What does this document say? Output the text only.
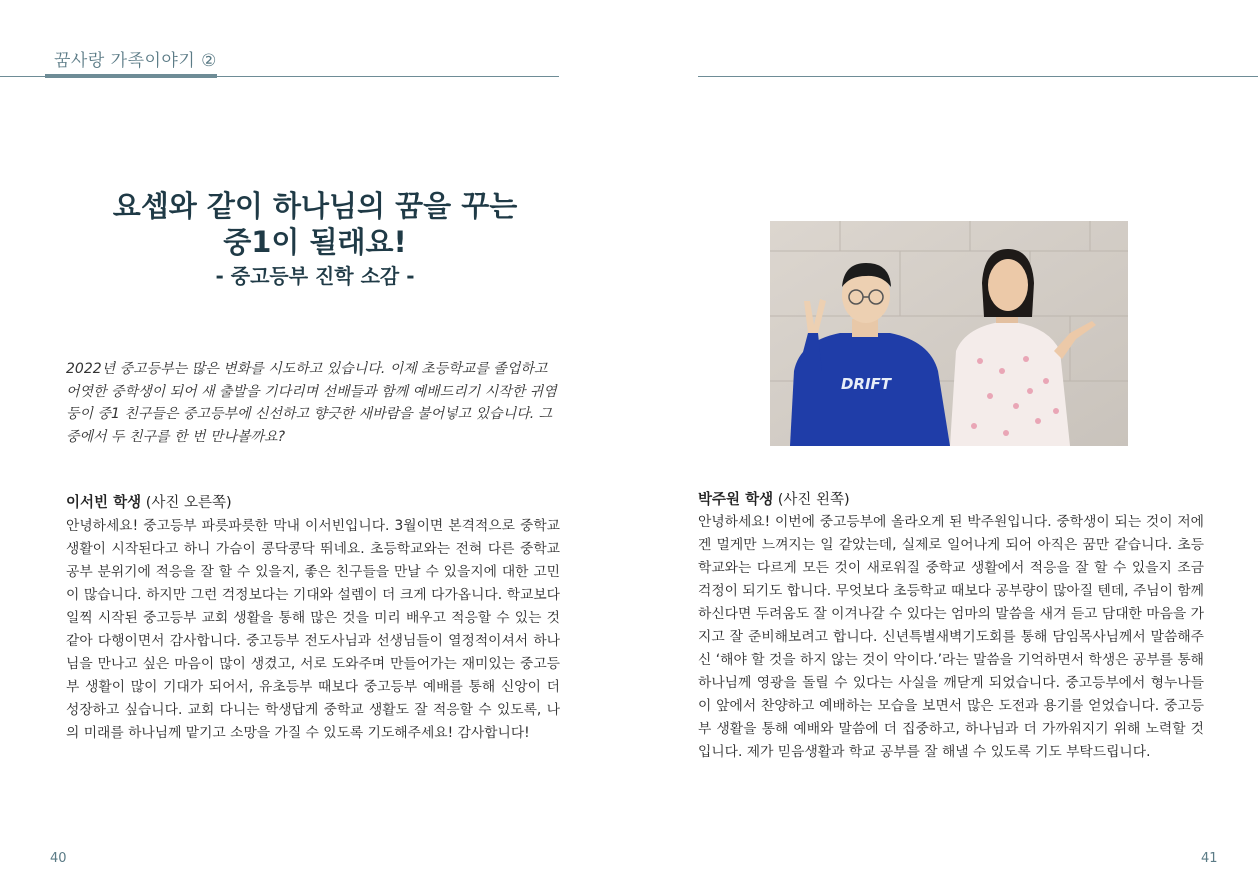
꿈사랑 가족이야기 ②
요셉와 같이 하나님의 꿈을 꾸는
중1이 될래요!
- 중고등부 진학 소감 -
2022년 중고등부는 많은 변화를 시도하고 있습니다. 이제 초등학교를 졸업하고 어엿한 중학생이 되어 새 출발을 기다리며 선배들과 함께 예배드리기 시작한 귀염둥이 중1 친구들은 중고등부에 신선하고 향긋한 새바람을 불어넣고 있습니다. 그 중에서 두 친구를 한 번 만나볼까요?
이서빈 학생 (사진 오른쪽)
안녕하세요! 중고등부 파릇파릇한 막내 이서빈입니다. 3월이면 본격적으로 중학교 생활이 시작된다고 하니 가슴이 콩닥콩닥 뛰네요. 초등학교와는 전혀 다른 중학교 공부 분위기에 적응을 잘 할 수 있을지, 좋은 친구들을 만날 수 있을지에 대한 고민이 많습니다. 하지만 그런 걱정보다는 기대와 설렘이 더 크게 다가옵니다. 학교보다 일찍 시작된 중고등부 교회 생활을 통해 많은 것을 미리 배우고 적응할 수 있는 것 같아 다행이면서 감사합니다. 중고등부 전도사님과 선생님들이 열정적이셔서 하나님을 만나고 싶은 마음이 많이 생겼고, 서로 도와주며 만들어가는 재미있는 중고등부 생활이 많이 기대가 되어서, 유초등부 때보다 중고등부 예배를 통해 신앙이 더 성장하고 싶습니다. 교회 다니는 학생답게 중학교 생활도 잘 적응할 수 있도록, 나의 미래를 하나님께 맡기고 소망을 가질 수 있도록 기도해주세요! 감사합니다!
DRIFT
박주원 학생 (사진 왼쪽)
안녕하세요! 이번에 중고등부에 올라오게 된 박주원입니다. 중학생이 되는 것이 저에겐 멀게만 느껴지는 일 같았는데, 실제로 일어나게 되어 아직은 꿈만 같습니다. 초등학교와는 다르게 모든 것이 새로워질 중학교 생활에서 적응을 잘 할 수 있을지 조금 걱정이 되기도 합니다. 무엇보다 초등학교 때보다 공부량이 많아질 텐데, 주님이 함께 하신다면 두려움도 잘 이겨나갈 수 있다는 엄마의 말씀을 새겨 듣고 담대한 마음을 가지고 잘 준비해보려고 합니다. 신년특별새벽기도회를 통해 담임목사님께서 말씀해주신 ‘해야 할 것을 하지 않는 것이 악이다.’라는 말씀을 기억하면서 학생은 공부를 통해 하나님께 영광을 돌릴 수 있다는 사실을 깨닫게 되었습니다. 중고등부에서 형누나들이 앞에서 찬양하고 예배하는 모습을 보면서 많은 도전과 용기를 얻었습니다. 중고등부 생활을 통해 예배와 말씀에 더 집중하고, 하나님과 더 가까워지기 위해 노력할 것입니다. 제가 믿음생활과 학교 공부를 잘 해낼 수 있도록 기도 부탁드립니다.
40	41
